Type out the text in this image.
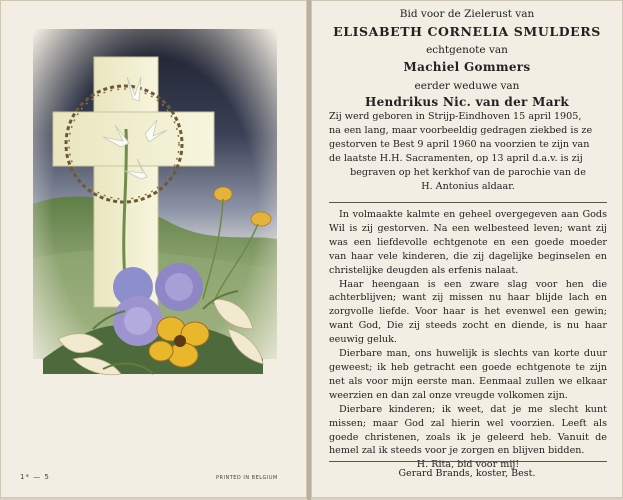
1* — 5	PRINTED IN BELGIUM
Bid voor de Zielerust van
ELISABETH CORNELIA SMULDERS
echtgenote van
Machiel Gommers
eerder weduwe van
Hendrikus Nic. van der Mark
Zij werd geboren in Strijp-Eindhoven 15 april 1905,
na een lang, maar voorbeeldig gedragen ziekbed is ze
gestorven te Best 9 april 1960 na voorzien te zijn van
de laatste H.H. Sacramenten, op 13 april d.a.v. is zij
begraven op het kerkhof van de parochie van de
H. Antonius aldaar.

In volmaakte kalmte en geheel overgegeven aan Gods Wil is zij gestorven. Na een welbesteed leven; want zij was een liefdevolle echtgenote en een goede moeder van haar vele kinderen, die zij dagelijke beginselen en christelijke deugden als erfenis nalaat.

Haar heengaan is een zware slag voor hen die achterblijven; want zij missen nu haar blijde lach en zorgvolle liefde. Voor haar is het evenwel een gewin; want God, Die zij steeds zocht en diende, is nu haar eeuwig geluk.

Dierbare man, ons huwelijk is slechts van korte duur geweest; ik heb getracht een goede echtgenote te zijn net als voor mijn eerste man. Eenmaal zullen we elkaar weerzien en dan zal onze vreugde volkomen zijn.

Dierbare kinderen; ik weet, dat je me slecht kunt missen; maar God zal hierin wel voorzien. Leeft als goede christenen, zoals ik je geleerd heb. Vanuit de hemel zal ik steeds voor je zorgen en blijven bidden.

H. Rita, bid voor mij!

Gerard Brands, koster, Best.
